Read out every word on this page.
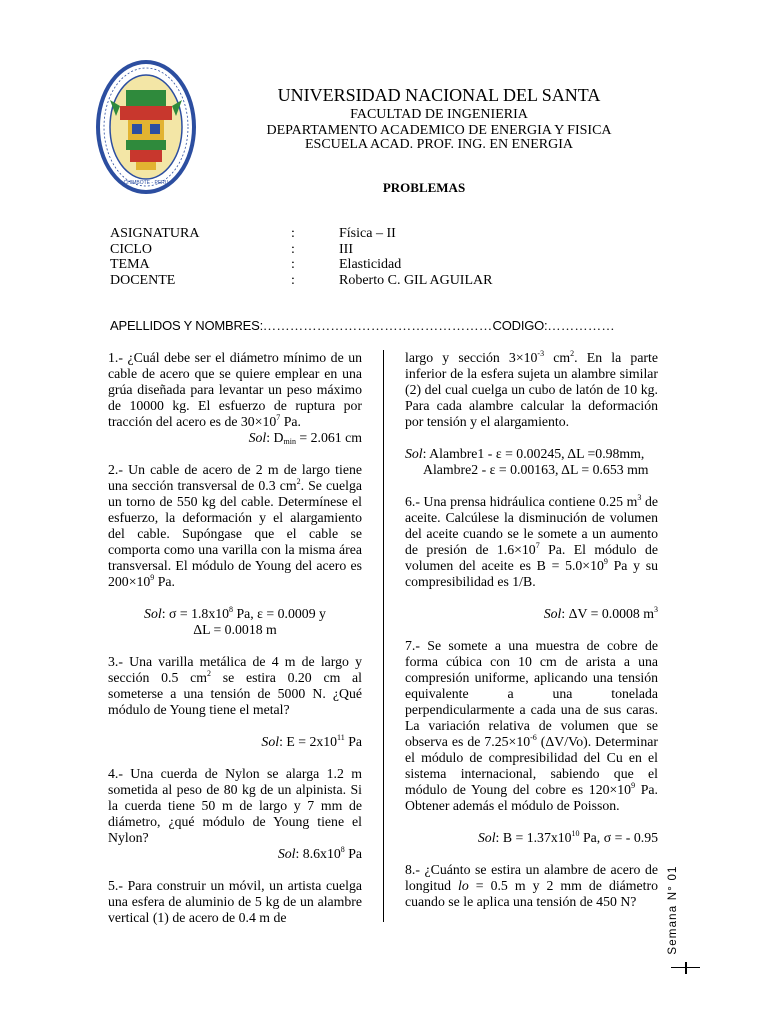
CHIMBOTE - PERU
UNIVERSIDAD NACIONAL DEL SANTA
FACULTAD DE INGENIERIA
DEPARTAMENTO ACADEMICO DE ENERGIA Y FISICA
ESCUELA ACAD. PROF. ING. EN ENERGIA
PROBLEMAS
ASIGNATURA	:	Física – II
CICLO	:	III
TEMA	:	Elasticidad
DOCENTE	:	Roberto C. GIL AGUILAR
APELLIDOS Y NOMBRES:……………………………………………CODIGO:……………

1.- ¿Cuál debe ser el diámetro mínimo de un cable de acero que se quiere emplear en una grúa diseñada para levantar un peso máximo de 10000 kg. El esfuerzo de ruptura por tracción del acero es de $30\times 10^7$ Pa.

Sol: $D_{min} = 2.061$ cm

2.- Un cable de acero de 2 m de largo tiene una sección transversal de 0.3 $cm^2$. Se cuelga un torno de 550 kg del cable. Determínese el esfuerzo, la deformación y el alargamiento del cable. Supóngase que el cable se comporta como una varilla con la misma área transversal. El módulo de Young del acero es $200\times 10^9$ Pa.

Sol: $\sigma = 1.8x10^8$ Pa, ε = 0.0009 y
ΔL = 0.0018 m

3.- Una varilla metálica de 4 m de largo y sección 0.5 $cm^2$ se estira 0.20 cm al someterse a una tensión de 5000 N. ¿Qué módulo de Young tiene el metal?

Sol: $E = 2x10^{11}$ Pa

4.- Una cuerda de Nylon se alarga 1.2 m sometida al peso de 80 kg de un alpinista. Si la cuerda tiene 50 m de largo y 7 mm de diámetro, ¿qué módulo de Young tiene el Nylon?

Sol: $8.6x10^8$ Pa

5.- Para construir un móvil, un artista cuelga una esfera de aluminio de 5 kg de un alambre vertical (1) de acero de 0.4 m de

largo y sección $3\times 10^{-3}$ $cm^2$. En la parte inferior de la esfera sujeta un alambre similar (2) del cual cuelga un cubo de latón de 10 kg. Para cada alambre calcular la deformación por tensión y el alargamiento.

Sol: Alambre1 - ε = 0.00245, ΔL =0.98mm,
Alambre2 - ε = 0.00163, ΔL = 0.653 mm

6.- Una prensa hidráulica contiene 0.25 $m^3$ de aceite. Calcúlese la disminución de volumen del aceite cuando se le somete a un aumento de presión de $1.6\times 10^7$ Pa. El módulo de volumen del aceite es $B = 5.0\times 10^9$ Pa y su compresibilidad es 1/B.

Sol: ΔV = 0.0008 $m^3$

7.- Se somete a una muestra de cobre de forma cúbica con 10 cm de arista a una compresión uniforme, aplicando una tensión equivalente a una tonelada perpendicularmente a cada una de sus caras. La variación relativa de volumen que se observa es de $7.25\times 10^{-6}$ (ΔV/Vo). Determinar el módulo de compresibilidad del Cu en el sistema internacional, sabiendo que el módulo de Young del cobre es $120\times 10^9$ Pa. Obtener además el módulo de Poisson.

Sol: $B = 1.37x10^{10}$ Pa, σ = - 0.95

8.- ¿Cuánto se estira un alambre de acero de longitud lo = 0.5 m y 2 mm de diámetro cuando se le aplica una tensión de 450 N?	Semana N° 01
